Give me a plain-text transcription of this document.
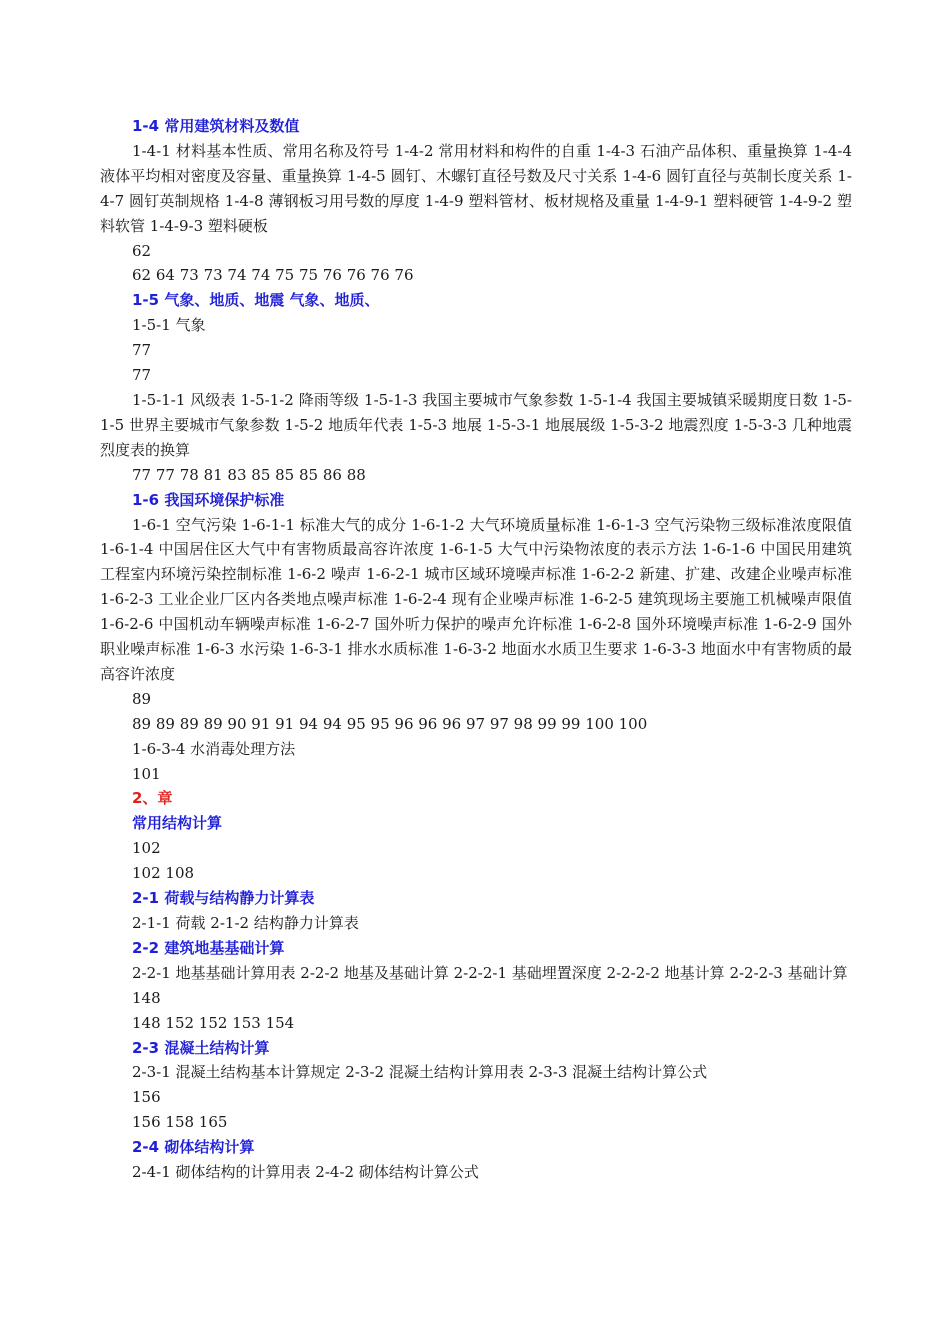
1-4 常用建筑材料及数值
1-4-1 材料基本性质、常用名称及符号 1-4-2 常用材料和构件的自重 1-4-3 石油产品体积、重量换算 1-4-4 液体平均相对密度及容量、重量换算 1-4-5 圆钉、木螺钉直径号数及尺寸关系 1-4-6 圆钉直径与英制长度关系 1-4-7 圆钉英制规格 1-4-8 薄钢板习用号数的厚度 1-4-9 塑料管材、板材规格及重量 1-4-9-1 塑料硬管 1-4-9-2 塑料软管 1-4-9-3 塑料硬板
62
62 64 73 73 74 74 75 75 76 76 76 76
1-5 气象、地质、地震 气象、地质、
1-5-1 气象
77
77
1-5-1-1 风级表 1-5-1-2 降雨等级 1-5-1-3 我国主要城市气象参数 1-5-1-4 我国主要城镇采暖期度日数 1-5-1-5 世界主要城市气象参数 1-5-2 地质年代表 1-5-3 地展 1-5-3-1 地展展级 1-5-3-2 地震烈度 1-5-3-3 几种地震烈度表的换算
77 77 78 81 83 85 85 85 86 88
1-6 我国环境保护标准
1-6-1 空气污染 1-6-1-1 标准大气的成分 1-6-1-2 大气环境质量标准 1-6-1-3 空气污染物三级标准浓度限值 1-6-1-4 中国居住区大气中有害物质最高容许浓度 1-6-1-5 大气中污染物浓度的表示方法 1-6-1-6 中国民用建筑工程室内环境污染控制标准 1-6-2 噪声 1-6-2-1 城市区域环境噪声标准 1-6-2-2 新建、扩建、改建企业噪声标准 1-6-2-3 工业企业厂区内各类地点噪声标准 1-6-2-4 现有企业噪声标准 1-6-2-5 建筑现场主要施工机械噪声限值 1-6-2-6 中国机动车辆噪声标准 1-6-2-7 国外听力保护的噪声允许标准 1-6-2-8 国外环境噪声标准 1-6-2-9 国外职业噪声标准 1-6-3 水污染 1-6-3-1 排水水质标准 1-6-3-2 地面水水质卫生要求 1-6-3-3 地面水中有害物质的最高容许浓度
89
89 89 89 89 90 91 91 94 94 95 95 96 96 96 97 97 98 99 99 100 100
1-6-3-4 水消毒处理方法
101
2、章
常用结构计算
102
102 108
2-1 荷载与结构静力计算表
2-1-1 荷载 2-1-2 结构静力计算表
2-2 建筑地基基础计算
2-2-1 地基基础计算用表 2-2-2 地基及基础计算 2-2-2-1 基础埋置深度 2-2-2-2 地基计算 2-2-2-3 基础计算
148
148 152 152 153 154
2-3 混凝土结构计算
2-3-1 混凝土结构基本计算规定 2-3-2 混凝土结构计算用表 2-3-3 混凝土结构计算公式
156
156 158 165
2-4 砌体结构计算
2-4-1 砌体结构的计算用表 2-4-2 砌体结构计算公式
